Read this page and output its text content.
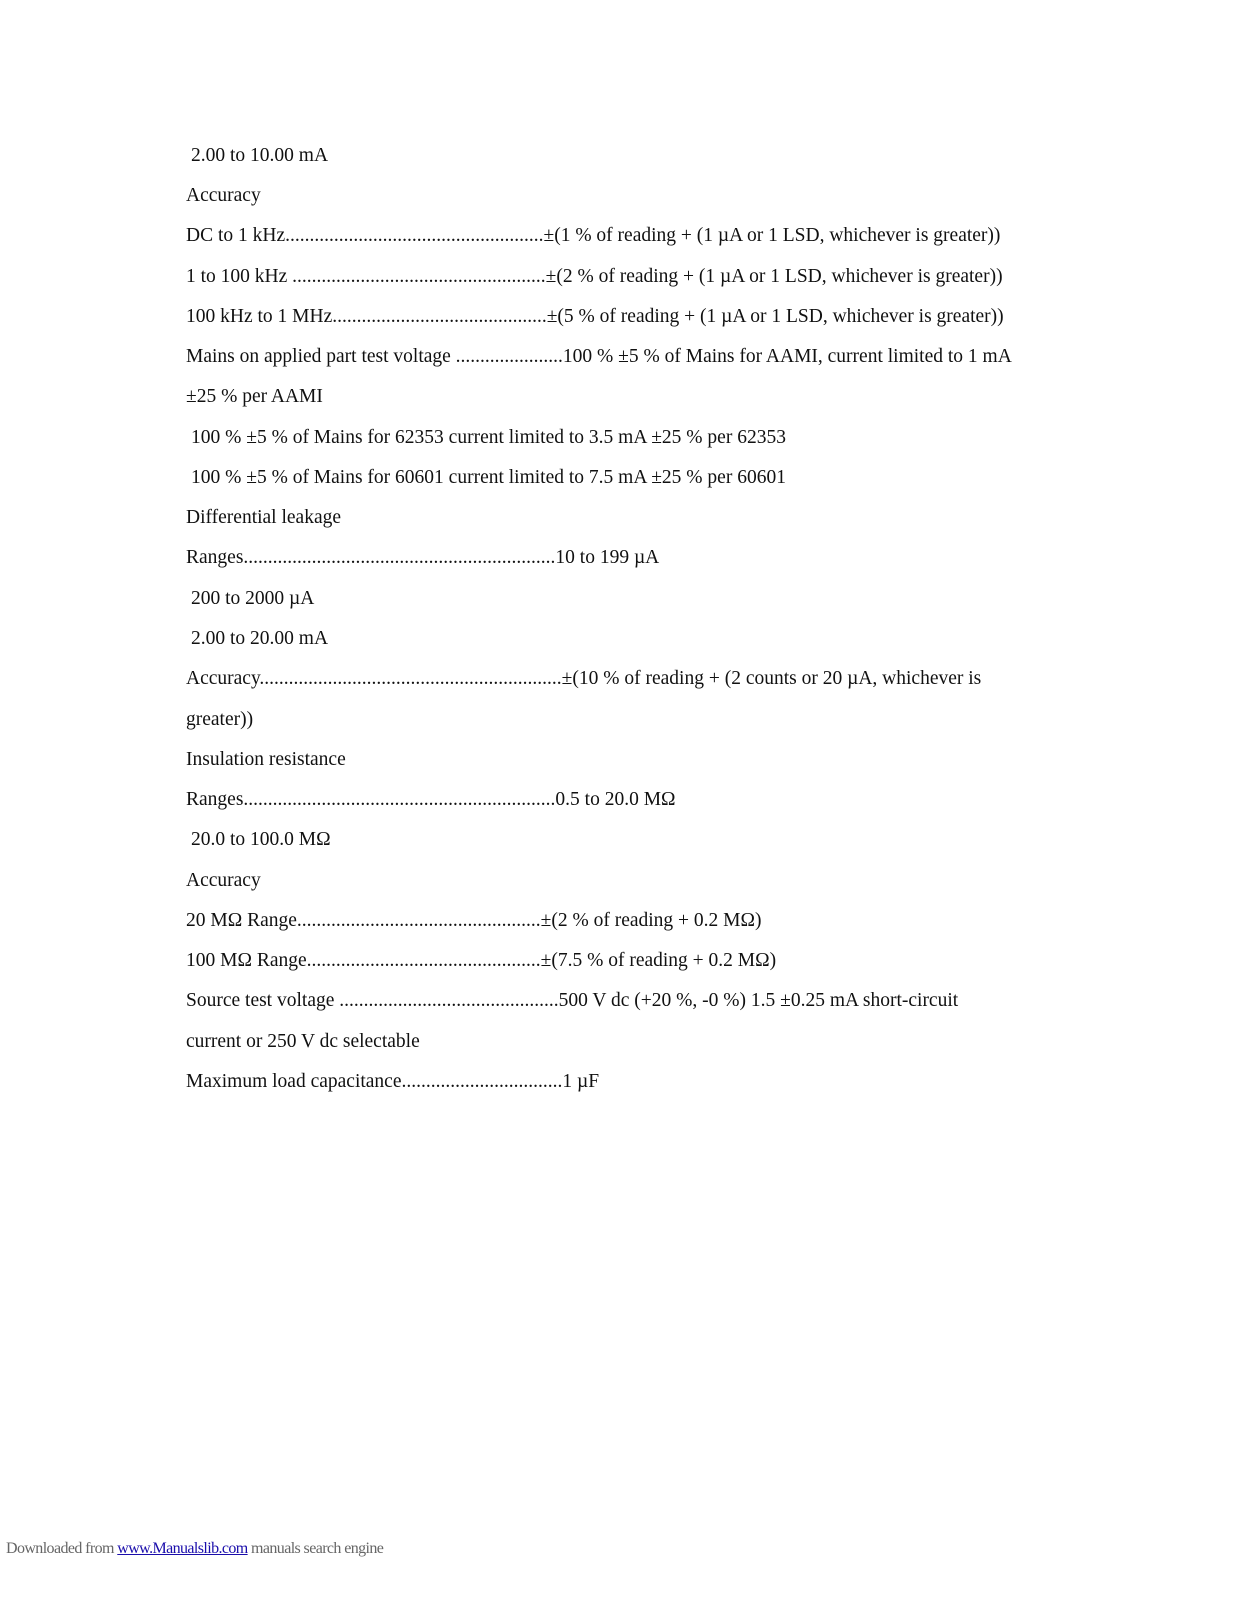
2.00 to 10.00 mA
Accuracy
DC to 1 kHz.....................................................±(1 % of reading + (1 µA or 1 LSD, whichever is greater))
1 to 100 kHz ....................................................±(2 % of reading + (1 µA or 1 LSD, whichever is greater))
100 kHz to 1 MHz............................................±(5 % of reading + (1 µA or 1 LSD, whichever is greater))
Mains on applied part test voltage ......................100 % ±5 % of Mains for AAMI, current limited to 1 mA
±25 % per AAMI
100 % ±5 % of Mains for 62353 current limited to 3.5 mA ±25 % per 62353
100 % ±5 % of Mains for 60601 current limited to 7.5 mA ±25 % per 60601
Differential leakage
Ranges................................................................10 to 199 µA
200 to 2000 µA
2.00 to 20.00 mA
Accuracy..............................................................±(10 % of reading + (2 counts or 20 µA, whichever is
greater))
Insulation resistance
Ranges................................................................0.5 to 20.0 MΩ
20.0 to 100.0 MΩ
Accuracy
20 MΩ Range..................................................±(2 % of reading + 0.2 MΩ)
100 MΩ Range................................................±(7.5 % of reading + 0.2 MΩ)
Source test voltage .............................................500 V dc (+20 %, -0 %) 1.5 ±0.25 mA short-circuit
current or 250 V dc selectable
Maximum load capacitance.................................1 µF
Downloaded from www.Manualslib.com manuals search engine
